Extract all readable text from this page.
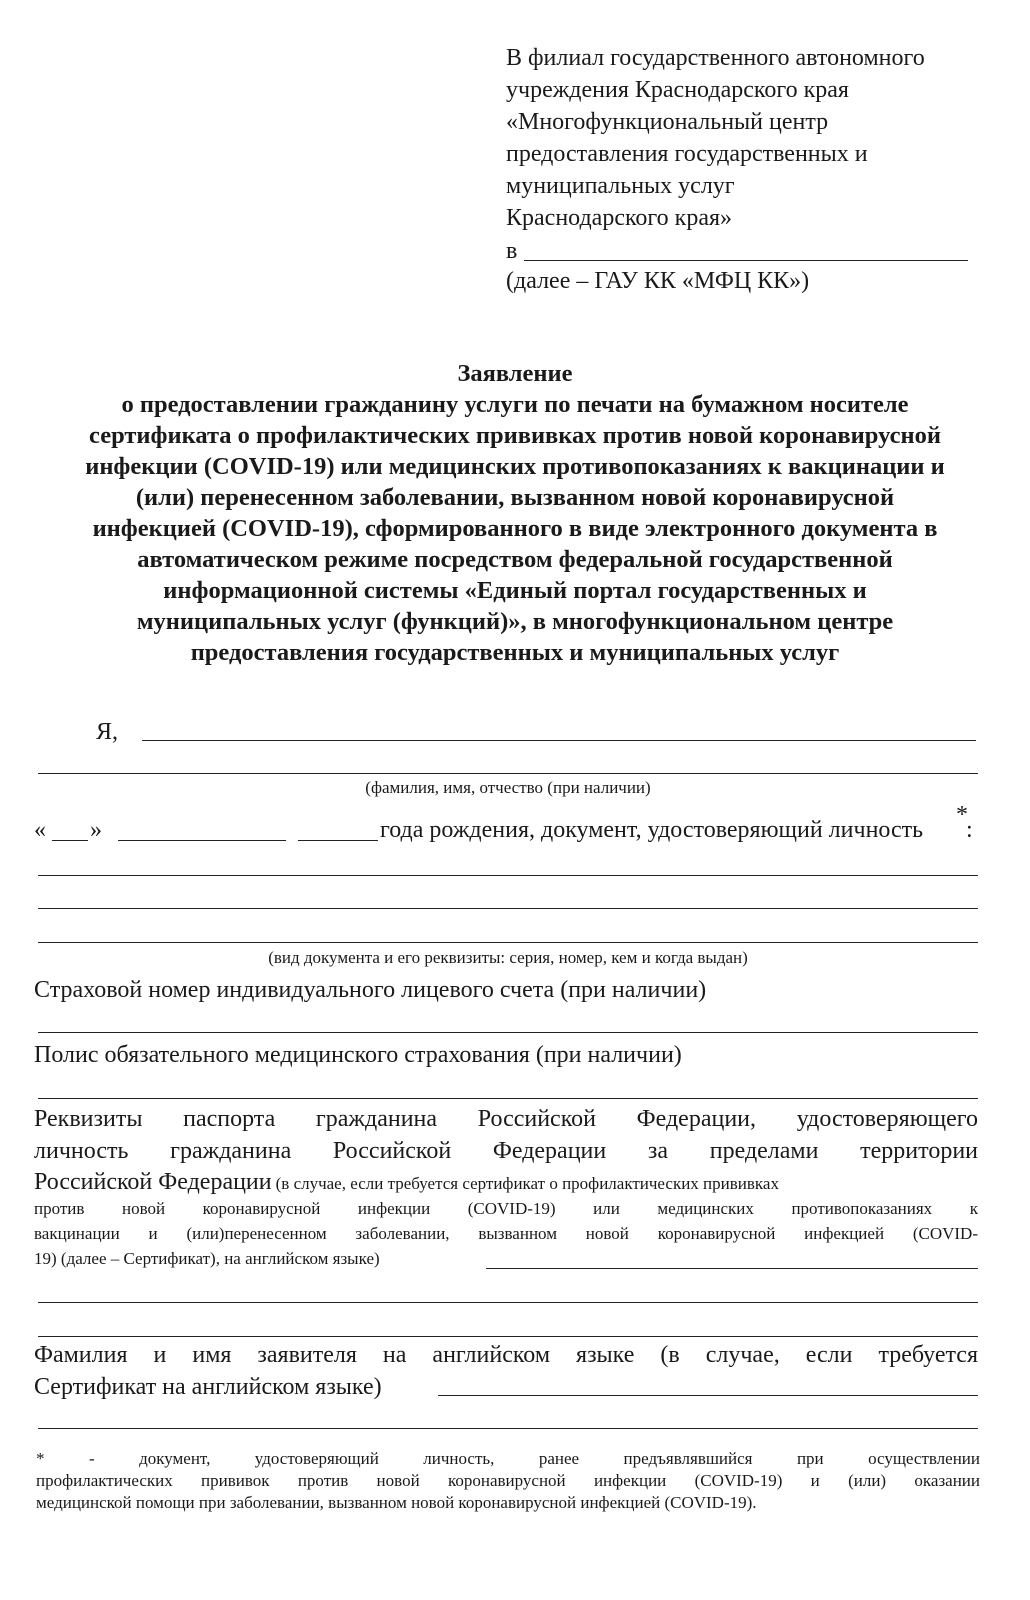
В филиал государственного автономного
учреждения Краснодарского края
«Многофункциональный центр
предоставления государственных и
муниципальных услуг
Краснодарского края»
в
(далее – ГАУ КК «МФЦ КК»)
Заявление
о предоставлении гражданину услуги по печати на бумажном носителе
сертификата о профилактических прививках против новой коронавирусной
инфекции (COVID-19) или медицинских противопоказаниях к вакцинации и
(или) перенесенном заболевании, вызванном новой коронавирусной
инфекцией (COVID-19), сформированного в виде электронного документа в
автоматическом режиме посредством федеральной государственной
информационной системы «Единый портал государственных и
муниципальных услуг (функций)», в многофункциональном центре
предоставления государственных и муниципальных услуг
Я,
(фамилия, имя, отчество (при наличии)
« »	года рождения, документ, удостоверяющий личность
*
:
(вид документа и его реквизиты: серия, номер, кем и когда выдан)
Страховой номер индивидуального лицевого счета (при наличии)
Полис обязательного медицинского страхования (при наличии)
Реквизиты паспорта гражданина Российской Федерации, удостоверяющего
личность гражданина Российской Федерации за пределами территории
Российской Федерации (в случае, если требуется сертификат о профилактических прививках
против новой коронавирусной инфекции (COVID-19) или медицинских противопоказаниях к
вакцинации и (или)перенесенном заболевании, вызванном новой коронавирусной инфекцией (COVID-
19) (далее – Сертификат), на английском языке)
Фамилия и имя заявителя на английском языке (в случае, если требуется
Сертификат на английском языке)
* - документ, удостоверяющий личность, ранее предъявлявшийся при осуществлении
профилактических прививок против новой коронавирусной инфекции (COVID-19) и (или) оказании
медицинской помощи при заболевании, вызванном новой коронавирусной инфекцией (COVID-19).
